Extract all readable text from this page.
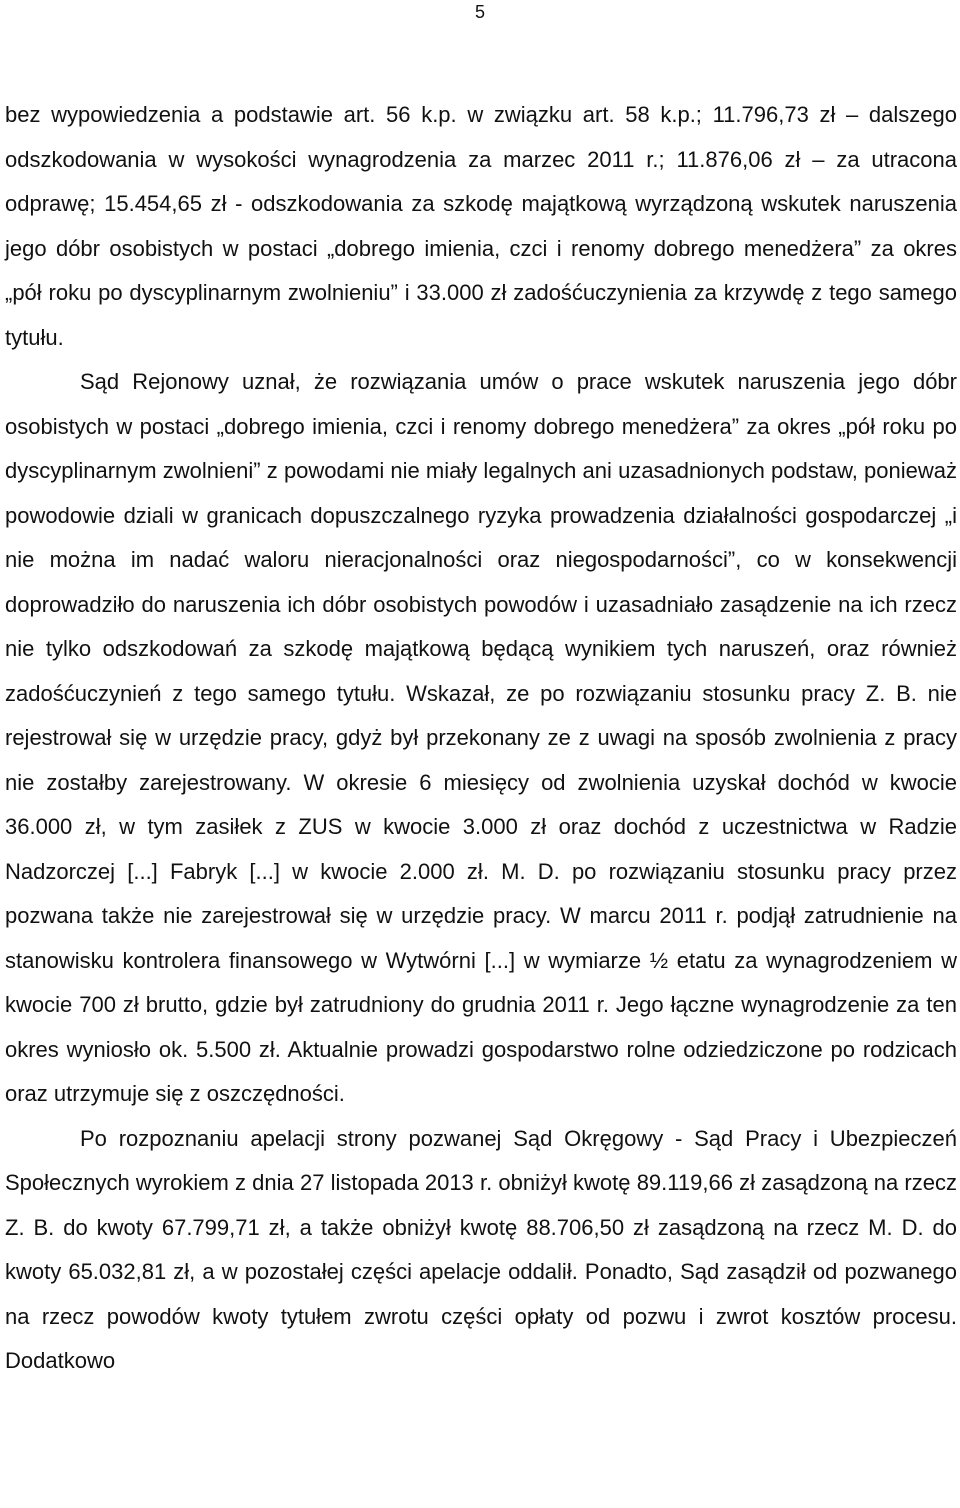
5

bez wypowiedzenia a podstawie art. 56 k.p. w związku art. 58 k.p.; 11.796,73 zł – dalszego odszkodowania w wysokości wynagrodzenia za marzec 2011 r.; 11.876,06 zł – za utracona odprawę; 15.454,65 zł - odszkodowania za szkodę majątkową wyrządzoną wskutek naruszenia jego dóbr osobistych w postaci „dobrego imienia, czci i renomy dobrego menedżera” za okres „pół roku po dyscyplinarnym zwolnieniu” i 33.000 zł zadośćuczynienia za krzywdę z tego samego tytułu.

Sąd Rejonowy uznał, że rozwiązania umów o prace wskutek naruszenia jego dóbr osobistych w postaci „dobrego imienia, czci i renomy dobrego menedżera” za okres „pół roku po dyscyplinarnym zwolnieni” z powodami nie miały legalnych ani uzasadnionych podstaw, ponieważ powodowie dziali w granicach dopuszczalnego ryzyka prowadzenia działalności gospodarczej „i nie można im nadać waloru nieracjonalności oraz niegospodarności”, co w konsekwencji doprowadziło do naruszenia ich dóbr osobistych powodów i uzasadniało zasądzenie na ich rzecz nie tylko odszkodowań za szkodę majątkową będącą wynikiem tych naruszeń, oraz również zadośćuczynień z tego samego tytułu. Wskazał, ze po rozwiązaniu stosunku pracy Z. B. nie rejestrował się w urzędzie pracy, gdyż był przekonany ze z uwagi na sposób zwolnienia z pracy nie zostałby zarejestrowany. W okresie 6 miesięcy od zwolnienia uzyskał dochód w kwocie 36.000 zł, w tym zasiłek z ZUS w kwocie 3.000 zł oraz dochód z uczestnictwa w Radzie Nadzorczej [...] Fabryk [...] w kwocie 2.000 zł. M. D. po rozwiązaniu stosunku pracy przez pozwana także nie zarejestrował się w urzędzie pracy. W marcu 2011 r. podjął zatrudnienie na stanowisku kontrolera finansowego w Wytwórni [...] w wymiarze ½ etatu za wynagrodzeniem w kwocie 700 zł brutto, gdzie był zatrudniony do grudnia 2011 r. Jego łączne wynagrodzenie za ten okres wyniosło ok. 5.500 zł. Aktualnie prowadzi gospodarstwo rolne odziedziczone po rodzicach oraz utrzymuje się z oszczędności.

Po rozpoznaniu apelacji strony pozwanej Sąd Okręgowy - Sąd Pracy i Ubezpieczeń Społecznych wyrokiem z dnia 27 listopada 2013 r. obniżył kwotę 89.119,66 zł zasądzoną na rzecz Z. B. do kwoty 67.799,71 zł, a także obniżył kwotę 88.706,50 zł zasądzoną na rzecz M. D. do kwoty 65.032,81 zł, a w pozostałej części apelacje oddalił. Ponadto, Sąd zasądził od pozwanego na rzecz powodów kwoty tytułem zwrotu części opłaty od pozwu i zwrot kosztów procesu. Dodatkowo
